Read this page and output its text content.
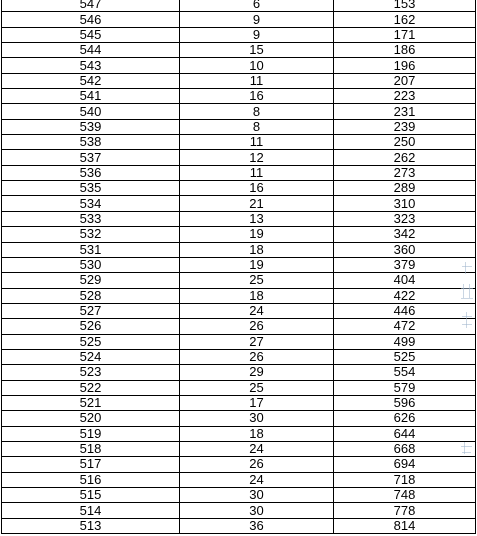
547	6	153
546	9	162
545	9	171
544	15	186
543	10	196
542	11	207
541	16	223
540	8	231
539	8	239
538	11	250
537	12	262
536	11	273
535	16	289
534	21	310
533	13	323
532	19	342
531	18	360
530	19	379
529	25	404
528	18	422
527	24	446
526	26	472
525	27	499
524	26	525
523	29	554
522	25	579
521	17	596
520	30	626
519	18	644
518	24	668
517	26	694
516	24	718
515	30	748
514	30	778
513	36	814
